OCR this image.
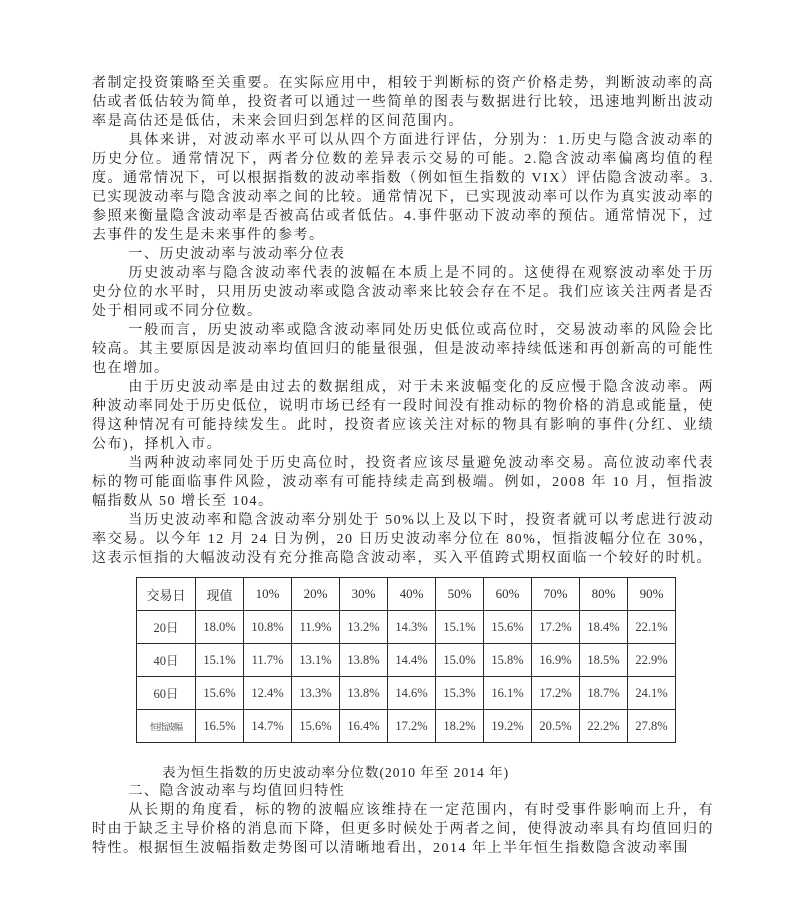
者制定投资策略至关重要。在实际应用中，相较于判断标的资产价格走势，判断波动率的高估或者低估较为简单，投资者可以通过一些简单的图表与数据进行比较，迅速地判断出波动率是高估还是低估，未来会回归到怎样的区间范围内。

具体来讲，对波动率水平可以从四个方面进行评估，分别为：1.历史与隐含波动率的历史分位。通常情况下，两者分位数的差异表示交易的可能。2.隐含波动率偏离均值的程度。通常情况下，可以根据指数的波动率指数（例如恒生指数的 VIX）评估隐含波动率。3.已实现波动率与隐含波动率之间的比较。通常情况下，已实现波动率可以作为真实波动率的参照来衡量隐含波动率是否被高估或者低估。4.事件驱动下波动率的预估。通常情况下，过去事件的发生是未来事件的参考。

一、历史波动率与波动率分位表

历史波动率与隐含波动率代表的波幅在本质上是不同的。这使得在观察波动率处于历史分位的水平时，只用历史波动率或隐含波动率来比较会存在不足。我们应该关注两者是否处于相同或不同分位数。

一般而言，历史波动率或隐含波动率同处历史低位或高位时，交易波动率的风险会比较高。其主要原因是波动率均值回归的能量很强，但是波动率持续低迷和再创新高的可能性也在增加。

由于历史波动率是由过去的数据组成，对于未来波幅变化的反应慢于隐含波动率。两种波动率同处于历史低位，说明市场已经有一段时间没有推动标的物价格的消息或能量，使得这种情况有可能持续发生。此时，投资者应该关注对标的物具有影响的事件(分红、业绩公布)，择机入市。

当两种波动率同处于历史高位时，投资者应该尽量避免波动率交易。高位波动率代表标的物可能面临事件风险，波动率有可能持续走高到极端。例如，2008 年 10 月，恒指波幅指数从 50 增长至 104。

当历史波动率和隐含波动率分别处于 50%以上及以下时，投资者就可以考虑进行波动率交易。以今年 12 月 24 日为例，20 日历史波动率分位在 80%，恒指波幅分位在 30%，这表示恒指的大幅波动没有充分推高隐含波动率，买入平值跨式期权面临一个较好的时机。

交易日	现值	10%	20%	30%	40%	50%	60%	70%	80%	90%
20日	18.0%	10.8%	11.9%	13.2%	14.3%	15.1%	15.6%	17.2%	18.4%	22.1%
40日	15.1%	11.7%	13.1%	13.8%	14.4%	15.0%	15.8%	16.9%	18.5%	22.9%
60日	15.6%	12.4%	13.3%	13.8%	14.6%	15.3%	16.1%	17.2%	18.7%	24.1%
恒指波幅	16.5%	14.7%	15.6%	16.4%	17.2%	18.2%	19.2%	20.5%	22.2%	27.8%

表为恒生指数的历史波动率分位数(2010 年至 2014 年)

二、隐含波动率与均值回归特性

从长期的角度看，标的物的波幅应该维持在一定范围内，有时受事件影响而上升，有时由于缺乏主导价格的消息而下降，但更多时候处于两者之间，使得波动率具有均值回归的特性。根据恒生波幅指数走势图可以清晰地看出，2014 年上半年恒生指数隐含波动率围
